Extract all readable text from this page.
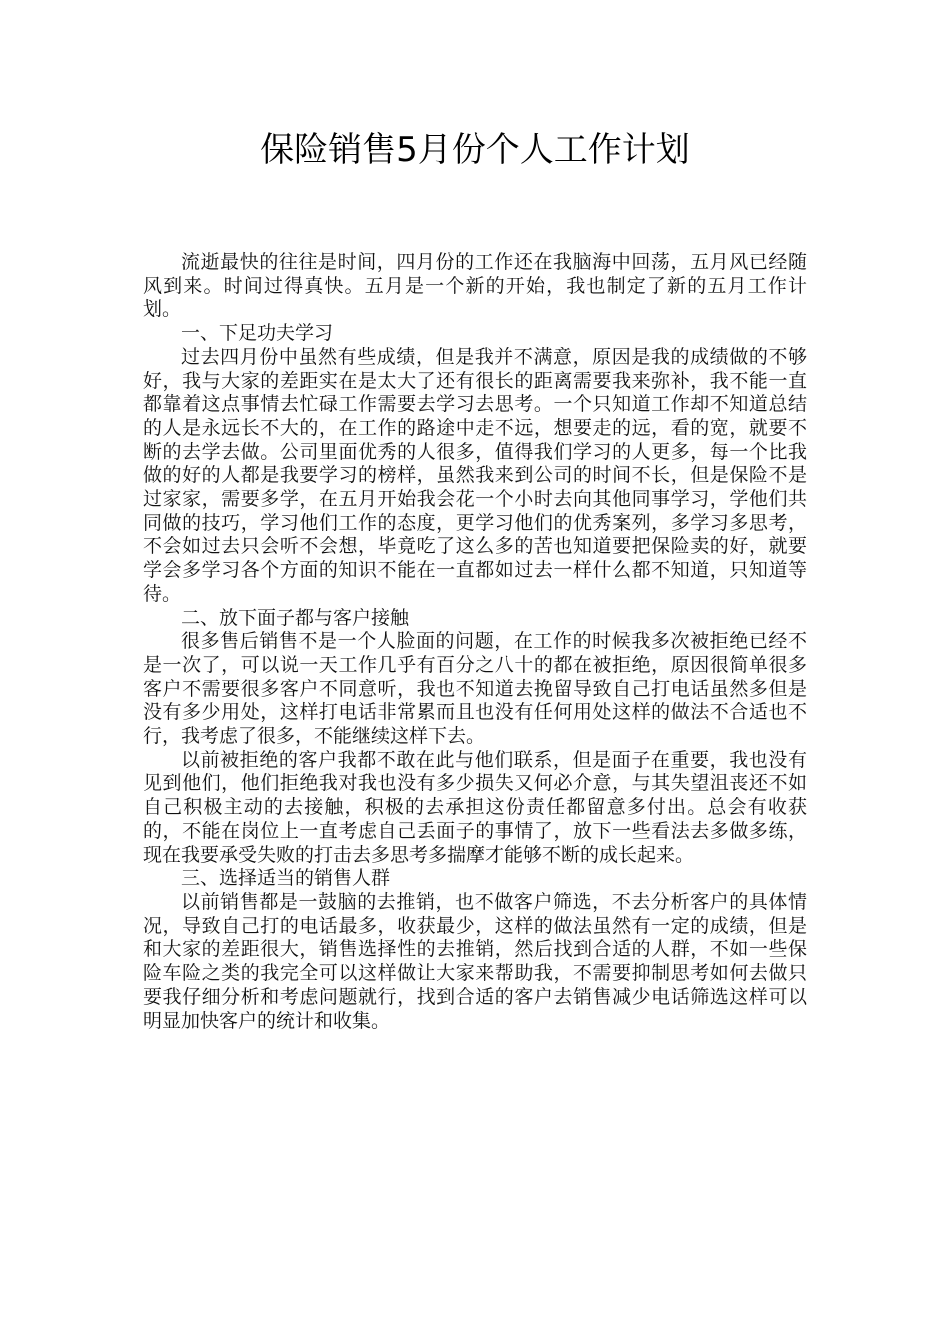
保险销售5月份个人工作计划

流逝最快的往往是时间，四月份的工作还在我脑海中回荡，五月风已经随风到来。时间过得真快。五月是一个新的开始，我也制定了新的五月工作计划。

一、下足功夫学习

过去四月份中虽然有些成绩，但是我并不满意，原因是我的成绩做的不够好，我与大家的差距实在是太大了还有很长的距离需要我来弥补，我不能一直都靠着这点事情去忙碌工作需要去学习去思考。一个只知道工作却不知道总结的人是永远长不大的，在工作的路途中走不远，想要走的远，看的宽，就要不断的去学去做。公司里面优秀的人很多，值得我们学习的人更多，每一个比我做的好的人都是我要学习的榜样，虽然我来到公司的时间不长，但是保险不是过家家，需要多学，在五月开始我会花一个小时去向其他同事学习，学他们共同做的技巧，学习他们工作的态度，更学习他们的优秀案列，多学习多思考，不会如过去只会听不会想，毕竟吃了这么多的苦也知道要把保险卖的好，就要学会多学习各个方面的知识不能在一直都如过去一样什么都不知道，只知道等待。

二、放下面子都与客户接触

很多售后销售不是一个人脸面的问题，在工作的时候我多次被拒绝已经不是一次了，可以说一天工作几乎有百分之八十的都在被拒绝，原因很简单很多客户不需要很多客户不同意听，我也不知道去挽留导致自己打电话虽然多但是没有多少用处，这样打电话非常累而且也没有任何用处这样的做法不合适也不行，我考虑了很多，不能继续这样下去。

以前被拒绝的客户我都不敢在此与他们联系，但是面子在重要，我也没有见到他们，他们拒绝我对我也没有多少损失又何必介意，与其失望沮丧还不如自己积极主动的去接触，积极的去承担这份责任都留意多付出。总会有收获的，不能在岗位上一直考虑自己丢面子的事情了，放下一些看法去多做多练，现在我要承受失败的打击去多思考多揣摩才能够不断的成长起来。

三、选择适当的销售人群

以前销售都是一鼓脑的去推销，也不做客户筛选，不去分析客户的具体情况，导致自己打的电话最多，收获最少，这样的做法虽然有一定的成绩，但是和大家的差距很大，销售选择性的去推销，然后找到合适的人群，不如一些保险车险之类的我完全可以这样做让大家来帮助我，不需要抑制思考如何去做只要我仔细分析和考虑问题就行，找到合适的客户去销售减少电话筛选这样可以明显加快客户的统计和收集。
